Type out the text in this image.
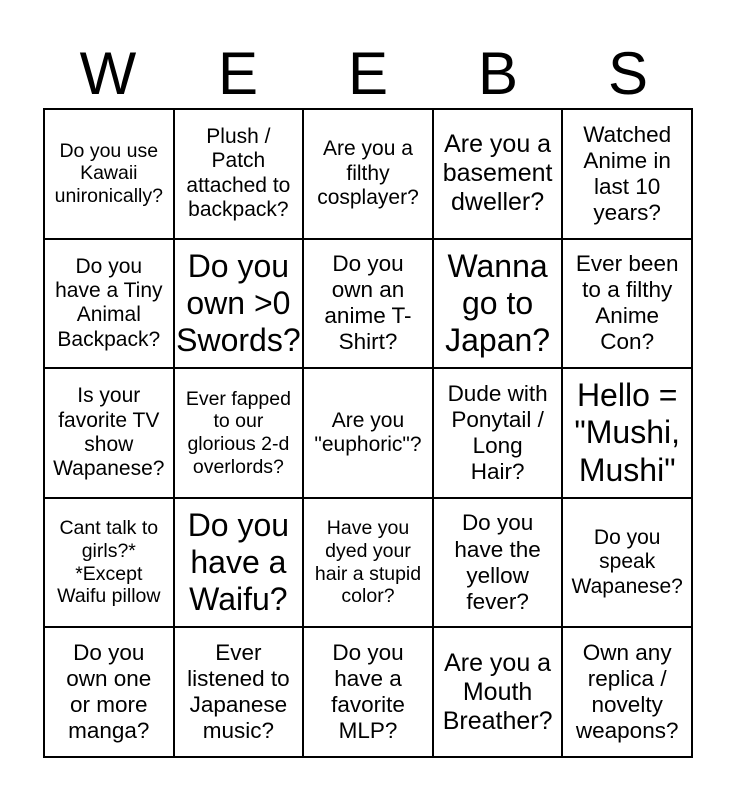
W	E	E	B	S
Do you use
Kawaii
unironically?
Plush /
Patch
attached to
backpack?
Are you a
filthy
cosplayer?
Are you a
basement
dweller?
Watched
Anime in
last 10
years?
Do you
have a Tiny
Animal
Backpack?
Do you
own >0
Swords?
Do you
own an
anime T-
Shirt?
Wanna
go to
Japan?
Ever been
to a filthy
Anime
Con?
Is your
favorite TV
show
Wapanese?
Ever fapped
to our
glorious 2-d
overlords?
Are you
"euphoric"?
Dude with
Ponytail /
Long
Hair?
Hello =
"Mushi,
Mushi"
Cant talk to
girls?*
*Except
Waifu pillow
Do you
have a
Waifu?
Have you
dyed your
hair a stupid
color?
Do you
have the
yellow
fever?
Do you
speak
Wapanese?
Do you
own one
or more
manga?
Ever
listened to
Japanese
music?
Do you
have a
favorite
MLP?
Are you a
Mouth
Breather?
Own any
replica /
novelty
weapons?
